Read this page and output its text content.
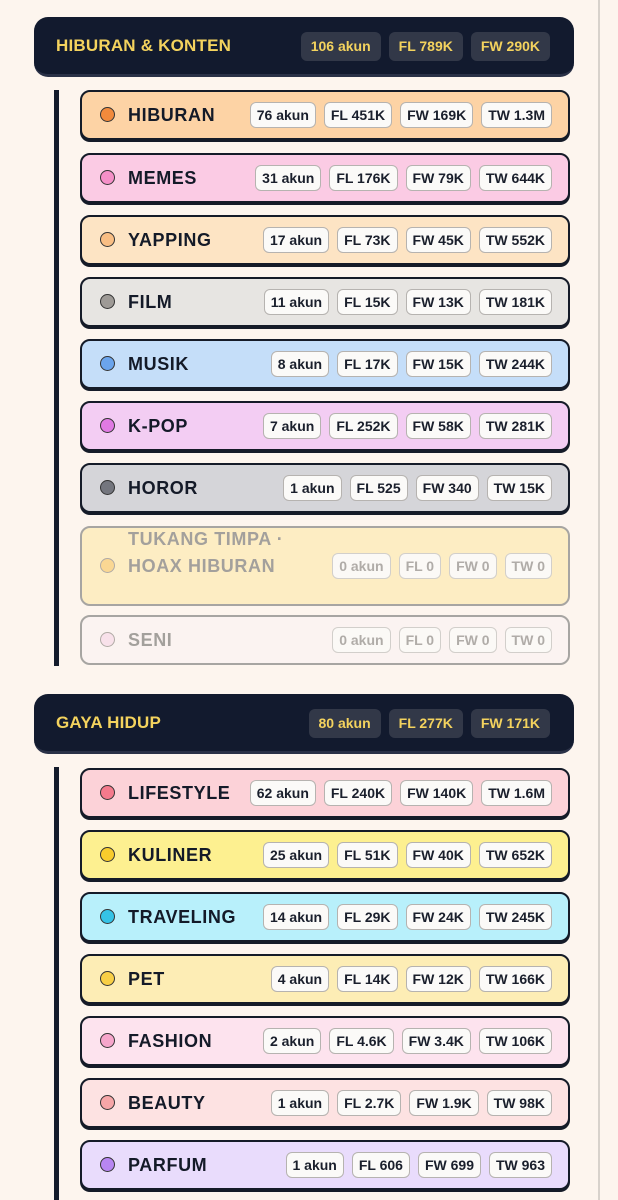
HIBURAN & KONTEN	106 akun	FL 789K	FW 290K
HIBURAN	76 akun	FL 451K	FW 169K	TW 1.3M
MEMES	31 akun	FL 176K	FW 79K	TW 644K
YAPPING	17 akun	FL 73K	FW 45K	TW 552K
FILM	11 akun	FL 15K	FW 13K	TW 181K
MUSIK	8 akun	FL 17K	FW 15K	TW 244K
K-POP	7 akun	FL 252K	FW 58K	TW 281K
HOROR	1 akun	FL 525	FW 340	TW 15K
TUKANG TIMPA · HOAX HIBURAN	0 akun	FL 0	FW 0	TW 0
SENI	0 akun	FL 0	FW 0	TW 0
GAYA HIDUP	80 akun	FL 277K	FW 171K
LIFESTYLE	62 akun	FL 240K	FW 140K	TW 1.6M
KULINER	25 akun	FL 51K	FW 40K	TW 652K
TRAVELING	14 akun	FL 29K	FW 24K	TW 245K
PET	4 akun	FL 14K	FW 12K	TW 166K
FASHION	2 akun	FL 4.6K	FW 3.4K	TW 106K
BEAUTY	1 akun	FL 2.7K	FW 1.9K	TW 98K
PARFUM	1 akun	FL 606	FW 699	TW 963
